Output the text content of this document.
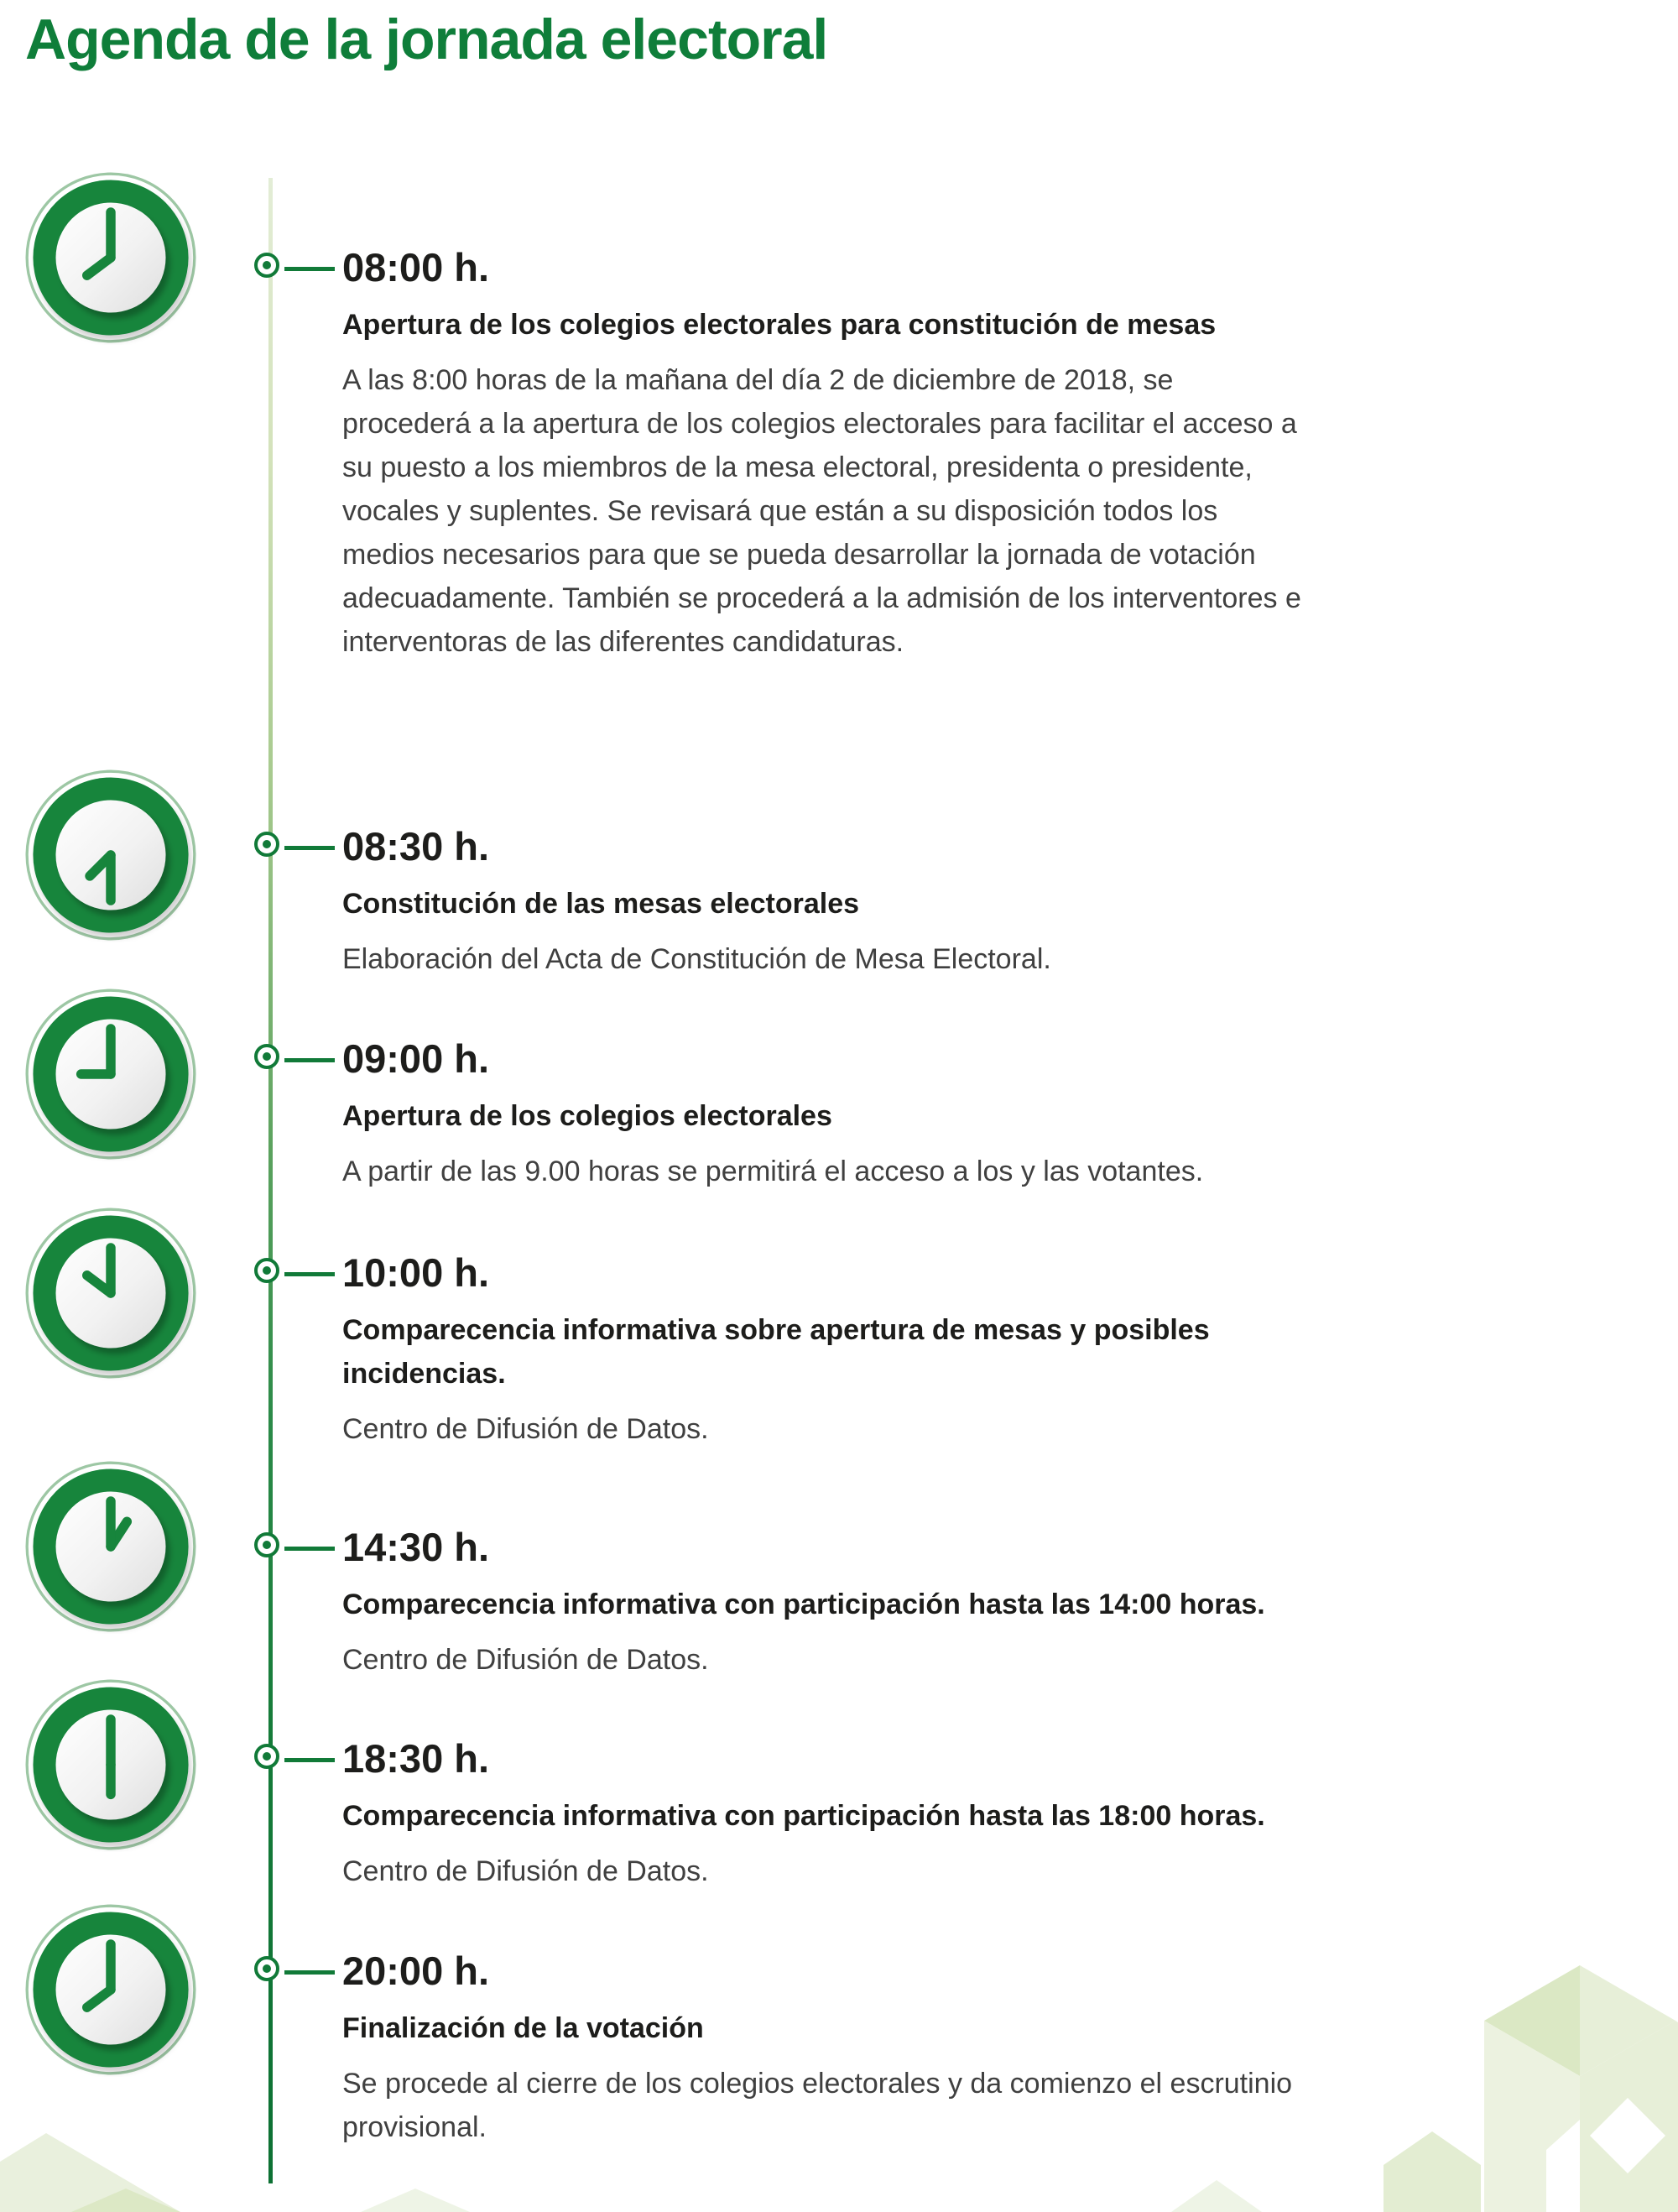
Agenda de la jornada electoral
08:00 h.

Apertura de los colegios electorales para constitución de mesas

A las 8:00 horas de la mañana del día 2 de diciembre de 2018, se procederá a la apertura de los colegios electorales para facilitar el acceso a su puesto a los miembros de la mesa electoral, presidenta o presidente, vocales y suplentes. Se revisará que están a su disposición todos los medios necesarios para que se pueda desarrollar la jornada de votación adecuadamente. También se procederá a la admisión de los interventores e interventoras de las diferentes candidaturas.

08:30 h.

Constitución de las mesas electorales

Elaboración del Acta de Constitución de Mesa Electoral.

09:00 h.

Apertura de los colegios electorales

A partir de las 9.00 horas se permitirá el acceso a los y las votantes.

10:00 h.

Comparecencia informativa sobre apertura de mesas y posibles incidencias.

Centro de Difusión de Datos.

14:30 h.

Comparecencia informativa con participación hasta las 14:00 horas.

Centro de Difusión de Datos.

18:30 h.

Comparecencia informativa con participación hasta las 18:00 horas.

Centro de Difusión de Datos.

20:00 h.

Finalización de la votación

Se procede al cierre de los colegios electorales y da comienzo el escrutinio provisional.
